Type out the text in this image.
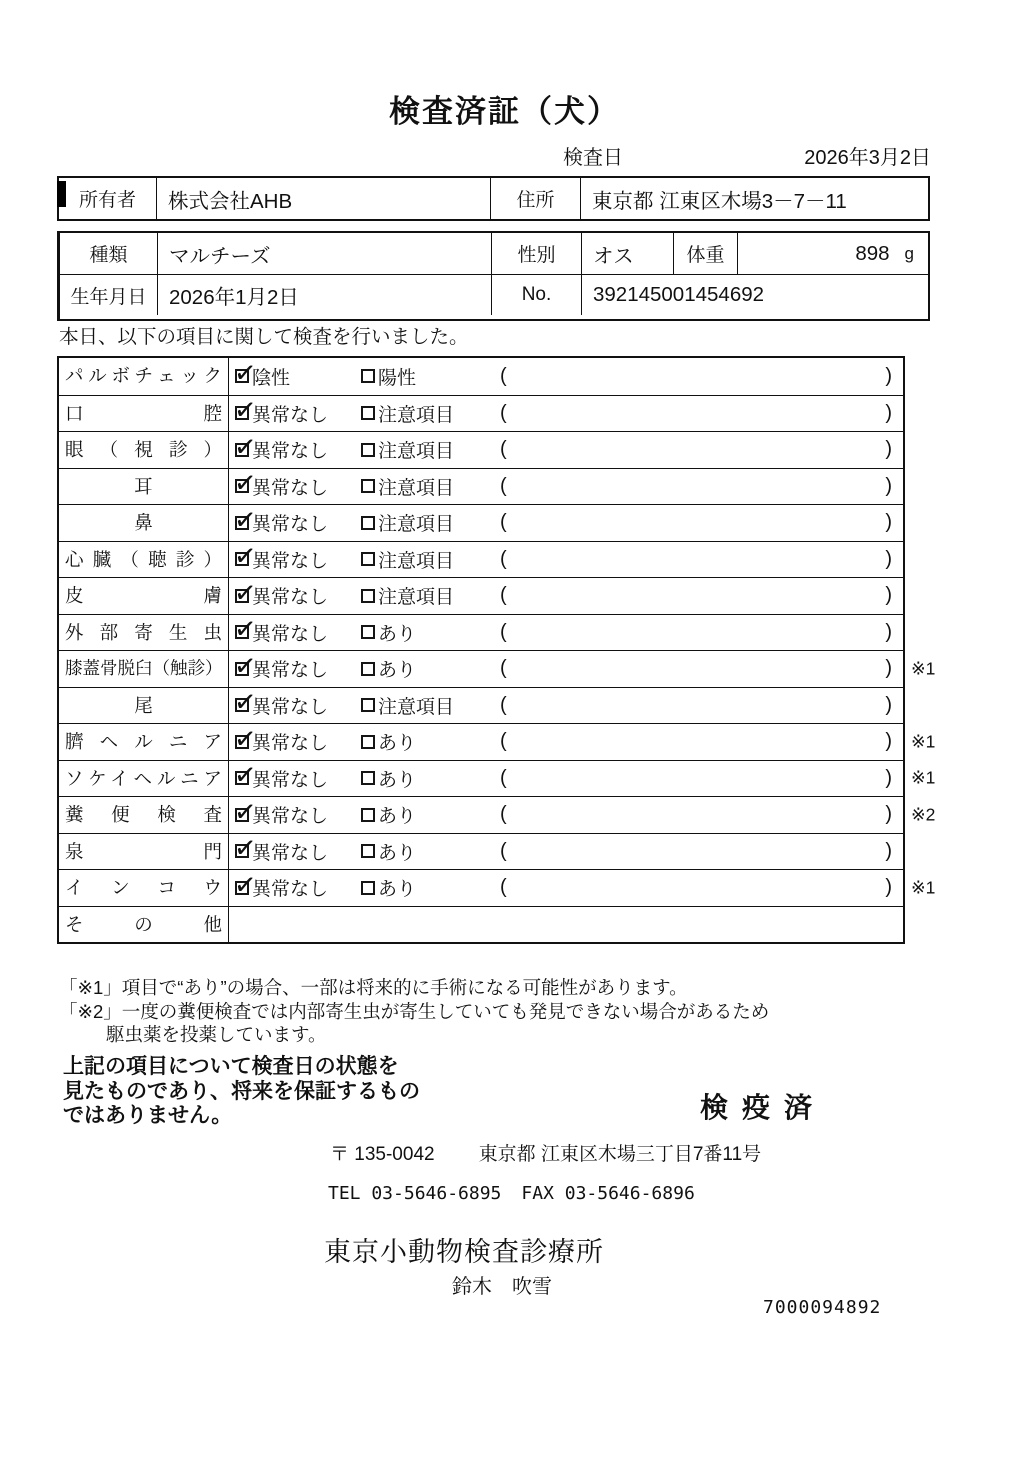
検査済証（犬）
検査日	2026年3月2日
所有者	株式会社AHB	住所	東京都 江東区木場3－7－11
種類	マルチーズ	性別	オス	体重	898 g
生年月日	2026年1月2日	No.	392145001454692
本日、以下の項目に関して検査を行いました。
パルボチェック ✓	陰性	陽性	(	)
口腔 ✓	異常なし	注意項目 (	)
眼（視診） ✓	異常なし	注意項目 (	)
耳 ✓	異常なし	注意項目 (	)
鼻 ✓	異常なし	注意項目 (	)
心臓（聴診） ✓	異常なし	注意項目 (	)
皮膚 ✓	異常なし	注意項目 (	)
外部寄生虫 ✓	異常なし	あり	(	)
膝蓋骨脱臼（触診） ✓	異常なし	あり	(	) ※1
尾 ✓	異常なし	注意項目 (	)
臍ヘルニア ✓	異常なし	あり	(	) ※1
ソケイヘルニア ✓	異常なし	あり	(	) ※1
糞便検査 ✓	異常なし	あり	(	) ※2
泉門 ✓	異常なし	あり	(	)
インコウ ✓	異常なし	あり	(	) ※1
その他
「※1」項目で“あり”の場合、一部は将来的に手術になる可能性があります。
「※2」一度の糞便検査では内部寄生虫が寄生していても発見できない場合があるため
駆虫薬を投薬しています。
上記の項目について検査日の状態を
見たものであり、将来を保証するもの
ではありません。	検疫済
〒 135-0042 東京都 江東区木場三丁目7番11号
TEL 03-5646-6895 FAX 03-5646-6896
東京小動物検査診療所
鈴木　吹雪
7000094892
